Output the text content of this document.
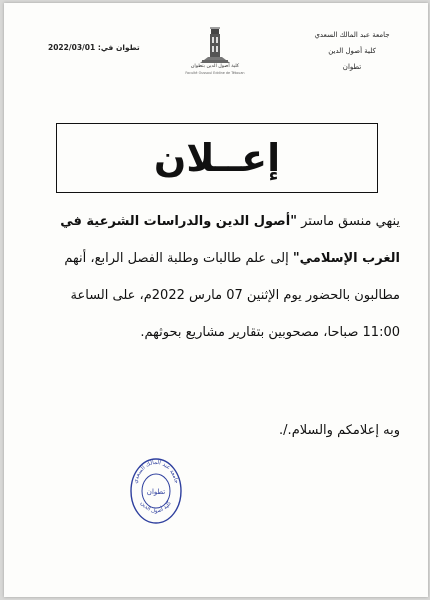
جامعة عبد المالك السعدي
كلية أصول الدين
تطوان
تطوان في: 2022/03/01
كلية أصول الدين بتطوان
Faculté Oussoul Eddine de Tétouan
إعــلان

ينهي منسق ماستر "أصول الدين والدراسات الشرعية في

الغرب الإسلامي" إلى علم طالبات وطلبة الفصل الرابع، أنهم

مطالبون بالحضور يوم الإثنين 07 مارس 2022م، على الساعة

11:00 صباحا، مصحوبين بتقارير مشاريع بحوثهم.

وبه إعلامكم والسلام./.
جامعة عبد المالك السعدي
تطوان
كلية أصول الدين
